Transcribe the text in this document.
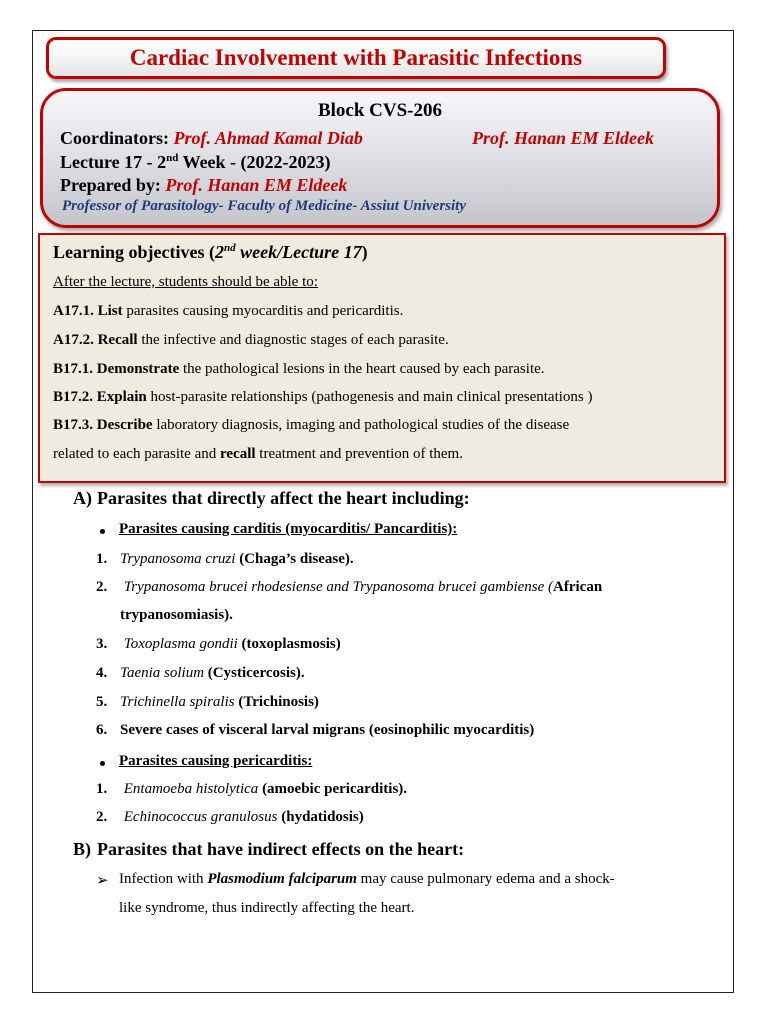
Cardiac Involvement with Parasitic Infections
Block CVS-206
Coordinators: Prof. Ahmad Kamal Diab	Prof. Hanan EM Eldeek
Lecture 17 - 2nd Week - (2022-2023)
Prepared by: Prof. Hanan EM Eldeek
Professor of Parasitology- Faculty of Medicine- Assiut University
Learning objectives (2nd week/Lecture 17)
After the lecture, students should be able to:
A17.1. List parasites causing myocarditis and pericarditis.
A17.2. Recall the infective and diagnostic stages of each parasite.
B17.1. Demonstrate the pathological lesions in the heart caused by each parasite.
B17.2. Explain host-parasite relationships (pathogenesis and main clinical presentations )
B17.3. Describe laboratory diagnosis, imaging and pathological studies of the disease
related to each parasite and recall treatment and prevention of them.
A) Parasites that directly affect the heart including:
Parasites causing carditis (myocarditis/ Pancarditis):
1. Trypanosoma cruzi (Chaga’s disease).
2. Trypanosoma brucei rhodesiense and Trypanosoma brucei gambiense (African
trypanosomiasis).
3. Toxoplasma gondii (toxoplasmosis)
4. Taenia solium (Cysticercosis).
5. Trichinella spiralis (Trichinosis)
6. Severe cases of visceral larval migrans (eosinophilic myocarditis)
Parasites causing pericarditis:
1. Entamoeba histolytica (amoebic pericarditis).
2. Echinococcus granulosus (hydatidosis)
B) Parasites that have indirect effects on the heart:
➢ Infection with Plasmodium falciparum may cause pulmonary edema and a shock-
like syndrome, thus indirectly affecting the heart.
